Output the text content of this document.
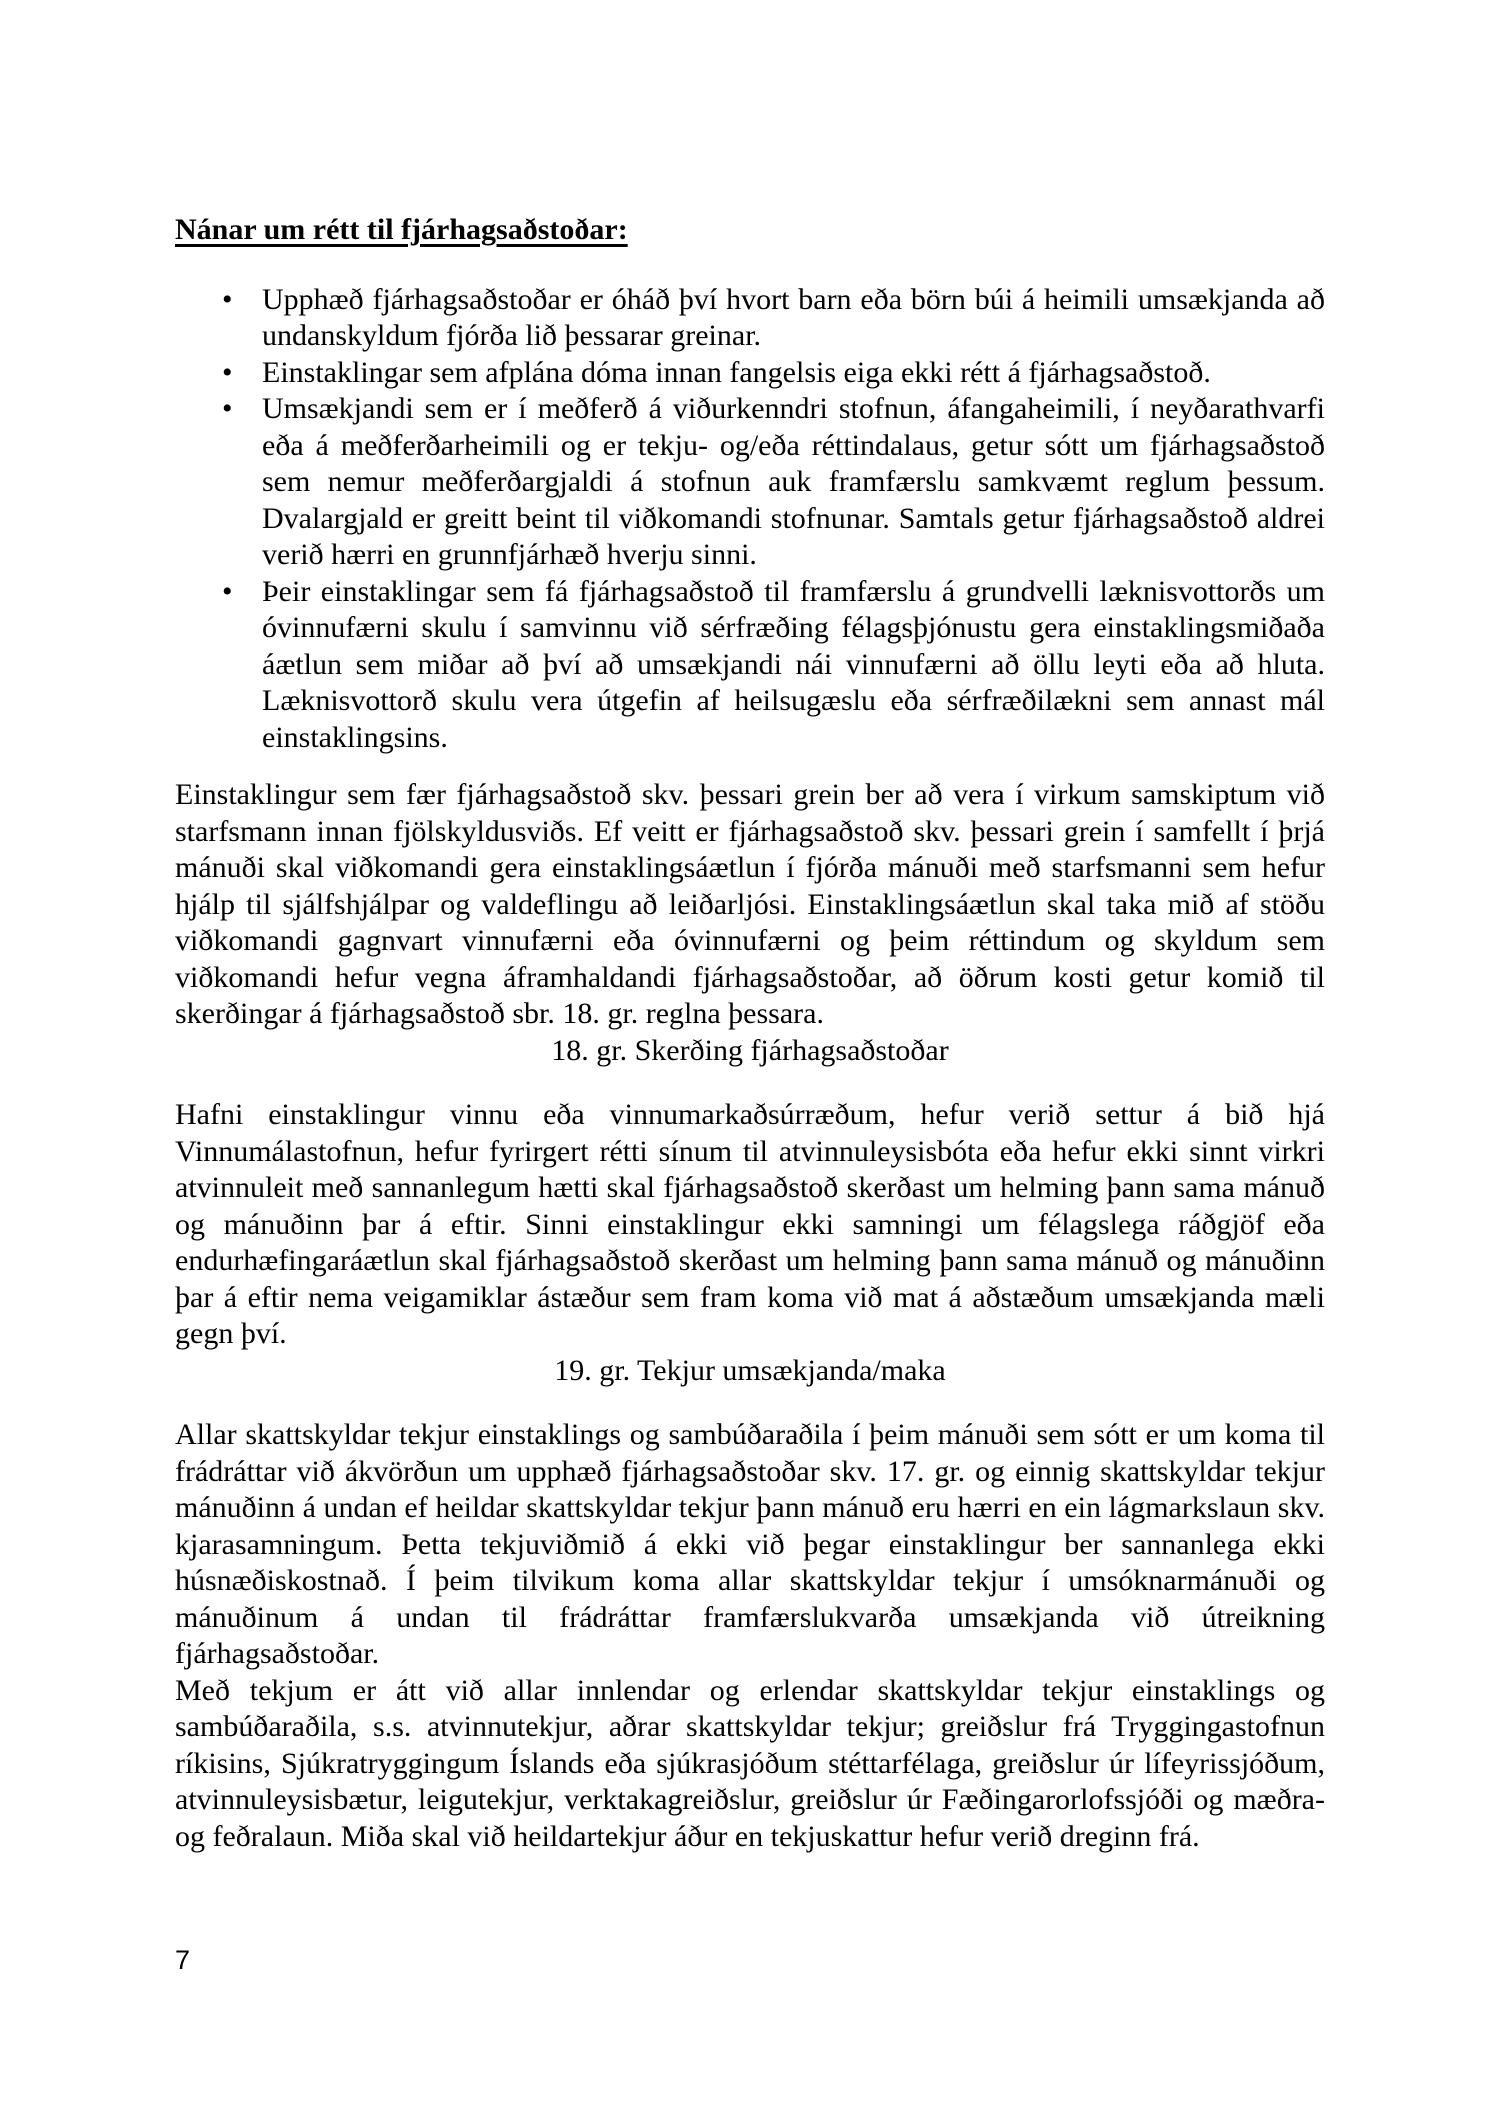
Nánar um rétt til fjárhagsaðstoðar:
• Upphæð fjárhagsaðstoðar er óháð því hvort barn eða börn búi á heimili umsækjanda að undanskyldum fjórða lið þessarar greinar.
• Einstaklingar sem afplána dóma innan fangelsis eiga ekki rétt á fjárhagsaðstoð.
• Umsækjandi sem er í meðferð á viðurkenndri stofnun, áfangaheimili, í neyðarathvarfi eða á meðferðarheimili og er tekju- og/eða réttindalaus, getur sótt um fjárhagsaðstoð sem nemur meðferðargjaldi á stofnun auk framfærslu samkvæmt reglum þessum. Dvalargjald er greitt beint til viðkomandi stofnunar. Samtals getur fjárhagsaðstoð aldrei verið hærri en grunnfjárhæð hverju sinni.
• Þeir einstaklingar sem fá fjárhagsaðstoð til framfærslu á grundvelli læknisvottorðs um óvinnufærni skulu í samvinnu við sérfræðing félagsþjónustu gera einstaklingsmiðaða áætlun sem miðar að því að umsækjandi nái vinnufærni að öllu leyti eða að hluta. Læknisvottorð skulu vera útgefin af heilsugæslu eða sérfræðilækni sem annast mál einstaklingsins.

Einstaklingur sem fær fjárhagsaðstoð skv. þessari grein ber að vera í virkum samskiptum við starfsmann innan fjölskyldusviðs. Ef veitt er fjárhagsaðstoð skv. þessari grein í samfellt í þrjá mánuði skal viðkomandi gera einstaklingsáætlun í fjórða mánuði með starfsmanni sem hefur hjálp til sjálfshjálpar og valdeflingu að leiðarljósi. Einstaklingsáætlun skal taka mið af stöðu viðkomandi gagnvart vinnufærni eða óvinnufærni og þeim réttindum og skyldum sem viðkomandi hefur vegna áframhaldandi fjárhagsaðstoðar, að öðrum kosti getur komið til skerðingar á fjárhagsaðstoð sbr. 18. gr. reglna þessara.

18. gr. Skerðing fjárhagsaðstoðar

Hafni einstaklingur vinnu eða vinnumarkaðsúrræðum, hefur verið settur á bið hjá Vinnumálastofnun, hefur fyrirgert rétti sínum til atvinnuleysisbóta eða hefur ekki sinnt virkri atvinnuleit með sannanlegum hætti skal fjárhagsaðstoð skerðast um helming þann sama mánuð og mánuðinn þar á eftir. Sinni einstaklingur ekki samningi um félagslega ráðgjöf eða endurhæfingaráætlun skal fjárhagsaðstoð skerðast um helming þann sama mánuð og mánuðinn þar á eftir nema veigamiklar ástæður sem fram koma við mat á aðstæðum umsækjanda mæli gegn því.

19. gr. Tekjur umsækjanda/maka

Allar skattskyldar tekjur einstaklings og sambúðaraðila í þeim mánuði sem sótt er um koma til frádráttar við ákvörðun um upphæð fjárhagsaðstoðar skv. 17. gr. og einnig skattskyldar tekjur mánuðinn á undan ef heildar skattskyldar tekjur þann mánuð eru hærri en ein lágmarkslaun skv. kjarasamningum. Þetta tekjuviðmið á ekki við þegar einstaklingur ber sannanlega ekki húsnæðiskostnað. Í þeim tilvikum koma allar skattskyldar tekjur í umsóknarmánuði og mánuðinum á undan til frádráttar framfærslukvarða umsækjanda við útreikning fjárhagsaðstoðar.

Með tekjum er átt við allar innlendar og erlendar skattskyldar tekjur einstaklings og sambúðaraðila, s.s. atvinnutekjur, aðrar skattskyldar tekjur; greiðslur frá Tryggingastofnun ríkisins, Sjúkratryggingum Íslands eða sjúkrasjóðum stéttarfélaga, greiðslur úr lífeyrissjóðum, atvinnuleysisbætur, leigutekjur, verktakagreiðslur, greiðslur úr Fæðingarorlofssjóði og mæðra- og feðralaun. Miða skal við heildartekjur áður en tekjuskattur hefur verið dreginn frá.

7
